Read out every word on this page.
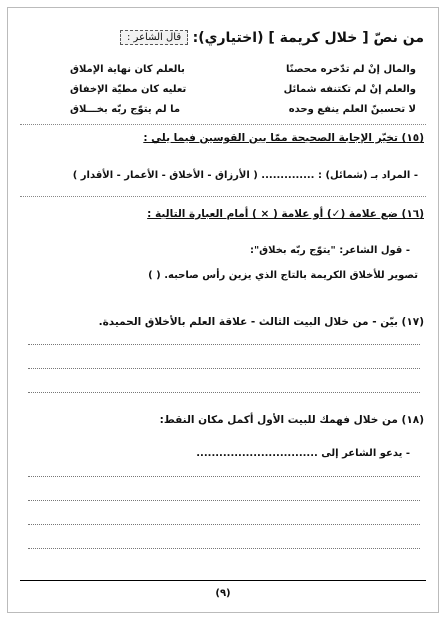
من نصّ [ خلال كريمة ] (اختياري):
قال الشاعر :
والمال إنْ لم تدّخره محصنًا
بالعلم كان نهاية الإملاق
والعلم إنْ لم تكتنفه شمائل
تعليه كان مطيّة الإخفاق
لا تحسبنّ العلم ينفع وحده
ما لم يتوّج ربّه بخـــلاق
(١٥) تخيّر الإجابة الصحيحة ممّا بين القوسين فيما يلي :
- المراد بـ (شمائل) : .............. ( الأرزاق - الأخلاق - الأعمار - الأقدار )
(١٦) ضع علامة (✓) أو علامة ( × ) أمام العبارة التالية :
- قول الشاعر: "يتوّج ربّه بخلاق":
تصوير للأخلاق الكريمة بالتاج الذي يزين رأس صاحبه. ( )
(١٧) بيّن - من خلال البيت الثالث - علاقة العلم بالأخلاق الحميدة.
(١٨) من خلال فهمك للبيت الأول أكمل مكان النقط:
- يدعو الشاعر إلى ................................
(٩)
